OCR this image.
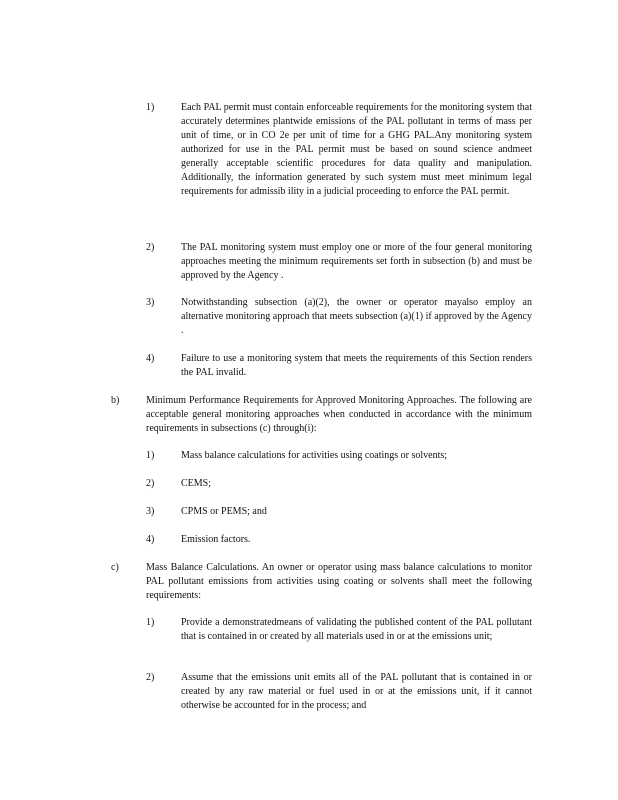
1)	Each PAL permit must contain enforceable requirements for the monitoring system that accurately determines plantwide emissions of the PAL pollutant in terms of mass per unit of time, or in CO 2e per unit of time for a GHG PAL.Any monitoring system authorized for use in the PAL permit must be based on sound science andmeet generally acceptable scientific procedures for data quality and manipulation. Additionally, the information generated by such system must meet minimum legal requirements for admissib ility in a judicial proceeding to enforce the PAL permit.
2)	The PAL monitoring system must employ one or more of the four general monitoring approaches meeting the minimum requirements set forth in subsection (b) and must be approved by the Agency .
3)	Notwithstanding subsection (a)(2), the owner or operator mayalso employ an alternative monitoring approach that meets subsection (a)(1) if approved by the Agency .
4)	Failure to use a monitoring system that meets the requirements of this Section renders the PAL invalid.
b)	Minimum Performance Requirements for Approved Monitoring Approaches. The following are acceptable general monitoring approaches when conducted in accordance with the minimum requirements in subsections (c) through(i):
1)	Mass balance calculations for activities using coatings or solvents;
2)	CEMS;
3)	CPMS or PEMS; and
4)	Emission factors.
c)	Mass Balance Calculations. An owner or operator using mass balance calculations to monitor PAL pollutant emissions from activities using coating or solvents shall meet the following requirements:
1)	Provide a demonstratedmeans of validating the published content of the PAL pollutant that is contained in or created by all materials used in or at the emissions unit;
2)	Assume that the emissions unit emits all of the PAL pollutant that is contained in or created by any raw material or fuel used in or at the emissions unit, if it cannot otherwise be accounted for in the process; and
